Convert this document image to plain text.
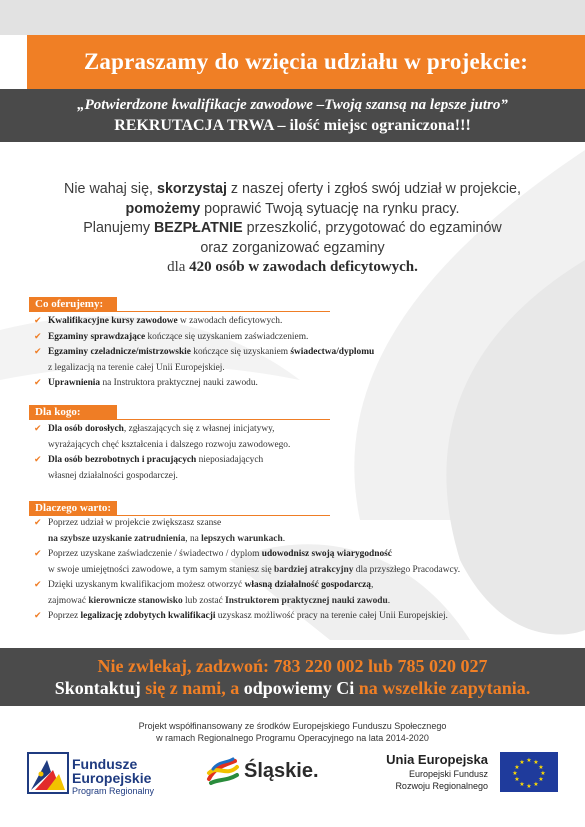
Zapraszamy do wzięcia udziału w projekcie:
„Potwierdzone kwalifikacje zawodowe –Twoją szansą na lepsze jutro”
REKRUTACJA TRWA – ilość miejsc ograniczona!!!
Nie wahaj się, skorzystaj z naszej oferty i zgłoś swój udział w projekcie,
pomożemy poprawić Twoją sytuację na rynku pracy.
Planujemy BEZPŁATNIE przeszkolić, przygotować do egzaminów
oraz zorganizować egzaminy
dla 420 osób w zawodach deficytowych.
Co oferujemy:
✔ Kwalifikacyjne kursy zawodowe w zawodach deficytowych.
✔ Egzaminy sprawdzające kończące się uzyskaniem zaświadczeniem.
✔ Egzaminy czeladnicze/mistrzowskie kończące się uzyskaniem świadectwa/dyplomu
z legalizacją na terenie całej Unii Europejskiej.
✔ Uprawnienia na Instruktora praktycznej nauki zawodu.
Dla kogo:
✔ Dla osób dorosłych, zgłaszających się z własnej inicjatywy,
wyrażających chęć kształcenia i dalszego rozwoju zawodowego.
✔ Dla osób bezrobotnych i pracujących nieposiadających
własnej działalności gospodarczej.
Dlaczego warto:
✔ Poprzez udział w projekcie zwiększasz szanse
na szybsze uzyskanie zatrudnienia, na lepszych warunkach.
✔ Poprzez uzyskane zaświadczenie / świadectwo / dyplom udowodnisz swoją wiarygodność
w swoje umiejętności zawodowe, a tym samym staniesz się bardziej atrakcyjny dla przyszłego Pracodawcy.
✔ Dzięki uzyskanym kwalifikacjom możesz otworzyć własną działalność gospodarczą,
zajmować kierownicze stanowisko lub zostać Instruktorem praktycznej nauki zawodu.
✔ Poprzez legalizację zdobytych kwalifikacji uzyskasz możliwość pracy na terenie całej Unii Europejskiej.
Nie zwlekaj, zadzwoń: 783 220 002 lub 785 020 027
Skontaktuj się z nami, a odpowiemy Ci na wszelkie zapytania.
Projekt współfinansowany ze środków Europejskiego Funduszu Społecznego
w ramach Regionalnego Programu Operacyjnego na lata 2014-2020
Fundusze
Europejskie
Program Regionalny
Śląskie.
Unia Europejska
Europejski Fundusz
Rozwoju Regionalnego
★ ★
★
★
★
★
★
★
★
★
★
★
